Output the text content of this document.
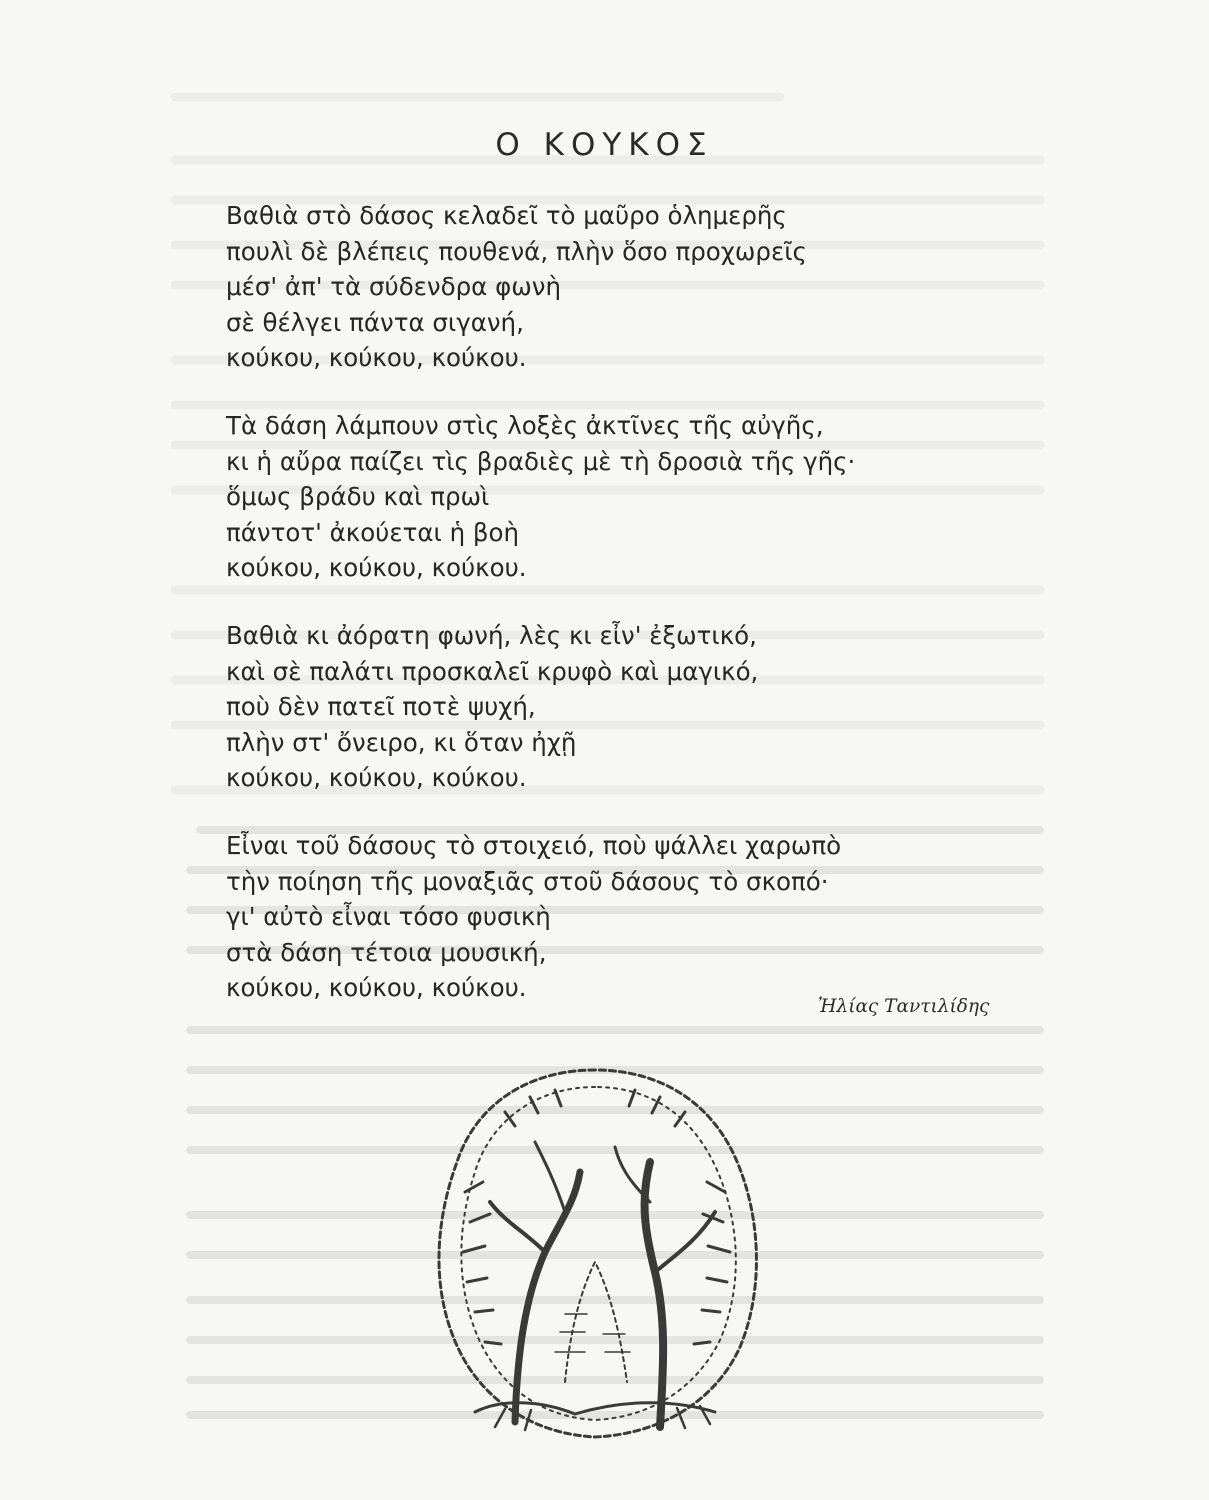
Ο ΚΟΥΚΟΣ
Βαθιὰ στὸ δάσος κελαδεῖ τὸ μαῦρο ὁλημερῆς
πουλὶ δὲ βλέπεις πουθενά, πλὴν ὅσο προχωρεῖς
μέσ' ἀπ' τὰ σύδενδρα φωνὴ
σὲ θέλγει πάντα σιγανή,
κούκου, κούκου, κούκου.
Τὰ δάση λάμπουν στὶς λοξὲς ἀκτῖνες τῆς αὐγῆς,
κι ἡ αὔρα παίζει τὶς βραδιὲς μὲ τὴ δροσιὰ τῆς γῆς·
ὅμως βράδυ καὶ πρωὶ
πάντοτ' ἀκούεται ἡ βοὴ
κούκου, κούκου, κούκου.
Βαθιὰ κι ἀόρατη φωνή, λὲς κι εἶν' ἐξωτικό,
καὶ σὲ παλάτι προσκαλεῖ κρυφὸ καὶ μαγικό,
ποὺ δὲν πατεῖ ποτὲ ψυχή,
πλὴν στ' ὄνειρο, κι ὅταν ἠχῇ
κούκου, κούκου, κούκου.
Εἶναι τοῦ δάσους τὸ στοιχειό, ποὺ ψάλλει χαρωπὸ
τὴν ποίηση τῆς μοναξιᾶς στοῦ δάσους τὸ σκοπό·
γι' αὐτὸ εἶναι τόσο φυσικὴ
στὰ δάση τέτοια μουσική,
κούκου, κούκου, κούκου.
Ἠλίας Ταντιλίδης
